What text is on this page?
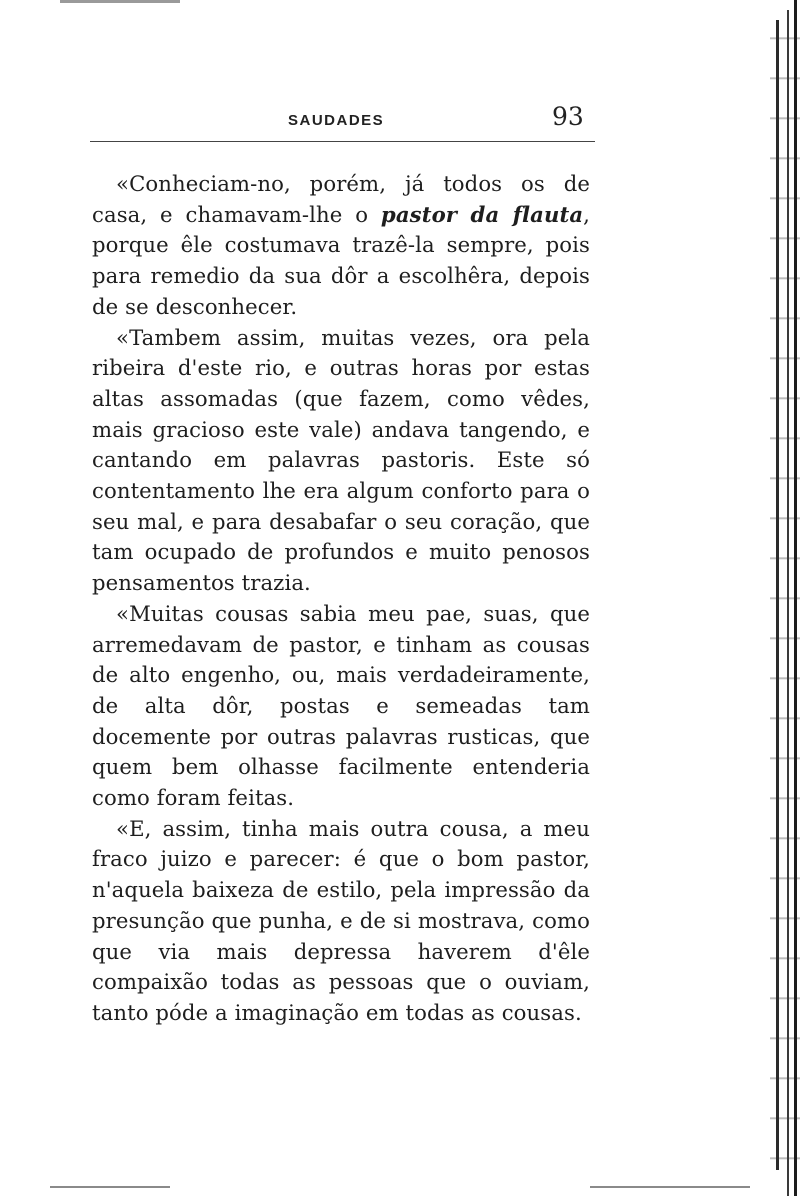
SAUDADES	93

«Conheciam-no, porém, já todos os de casa, e chamavam-lhe o pastor da flauta, porque êle costumava trazê-la sempre, pois para remedio da sua dôr a escolhêra, depois de se desconhecer.

«Tambem assim, muitas vezes, ora pela ribeira d'este rio, e outras horas por estas altas assomadas (que fazem, como vêdes, mais gracioso este vale) andava tangendo, e cantando em palavras pastoris. Este só contentamento lhe era algum conforto para o seu mal, e para desabafar o seu coração, que tam ocupado de profundos e muito penosos pensamentos trazia.

«Muitas cousas sabia meu pae, suas, que arremedavam de pastor, e tinham as cousas de alto engenho, ou, mais verdadeiramente, de alta dôr, postas e semeadas tam docemente por outras palavras rusticas, que quem bem olhasse facilmente entenderia como foram feitas.

«E, assim, tinha mais outra cousa, a meu fraco juizo e parecer: é que o bom pastor, n'aquela baixeza de estilo, pela impressão da presunção que punha, e de si mostrava, como que via mais depressa haverem d'êle compaixão todas as pessoas que o ouviam, tanto póde a imaginação em todas as cousas.
